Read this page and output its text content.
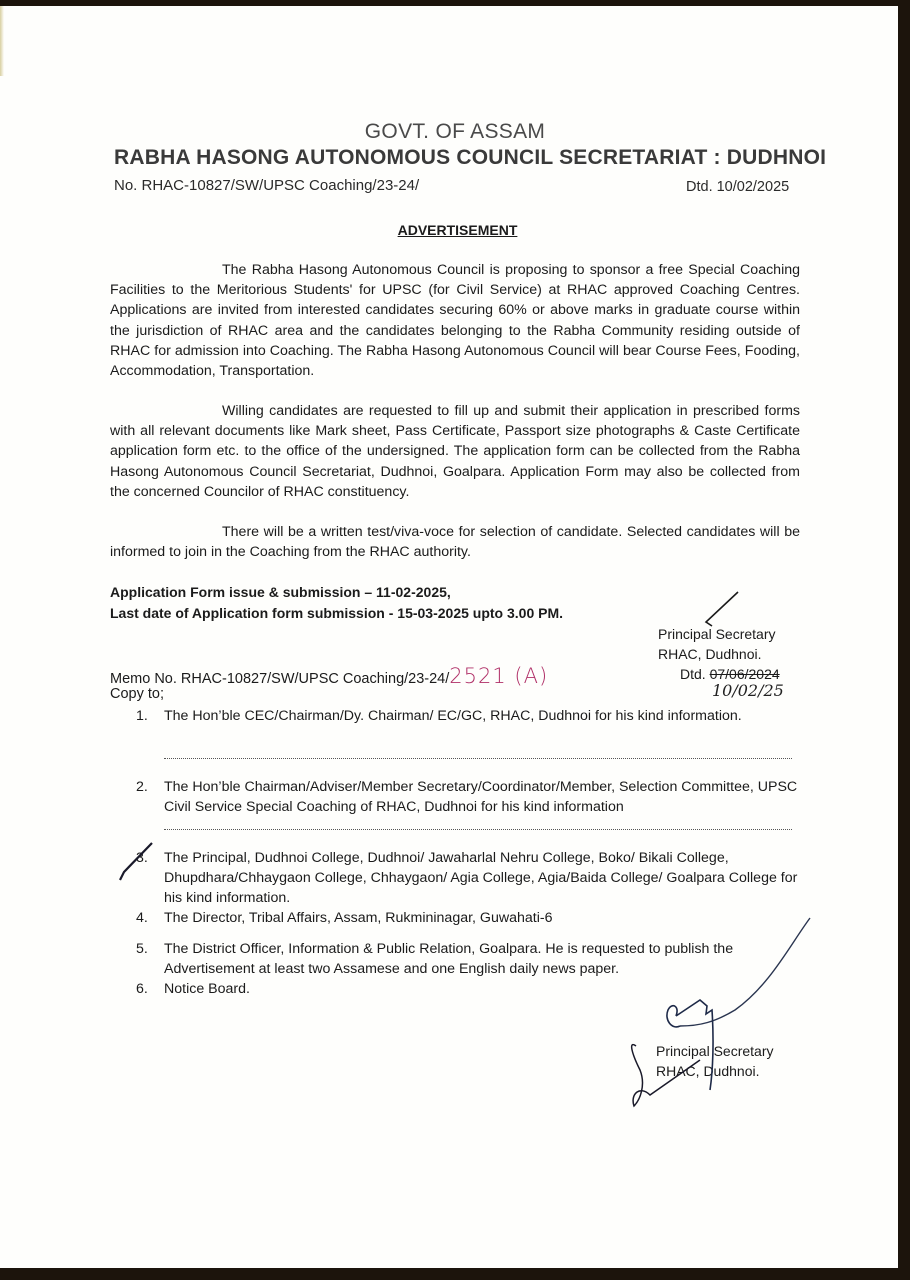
GOVT. OF ASSAM
RABHA HASONG AUTONOMOUS COUNCIL SECRETARIAT : DUDHNOI
No. RHAC-10827/SW/UPSC Coaching/23-24/	Dtd. 10/02/2025
ADVERTISEMENT
The Rabha Hasong Autonomous Council is proposing to sponsor a free Special Coaching Facilities to the Meritorious Students' for UPSC (for Civil Service) at RHAC approved Coaching Centres. Applications are invited from interested candidates securing 60% or above marks in graduate course within the jurisdiction of RHAC area and the candidates belonging to the Rabha Community residing outside of RHAC for admission into Coaching. The Rabha Hasong Autonomous Council will bear Course Fees, Fooding, Accommodation, Transportation.
Willing candidates are requested to fill up and submit their application in prescribed forms with all relevant documents like Mark sheet, Pass Certificate, Passport size photographs & Caste Certificate application form etc. to the office of the undersigned. The application form can be collected from the Rabha Hasong Autonomous Council Secretariat, Dudhnoi, Goalpara. Application Form may also be collected from the concerned Councilor of RHAC constituency.
There will be a written test/viva-voce for selection of candidate. Selected candidates will be informed to join in the Coaching from the RHAC authority.
Application Form issue & submission – 11-02-2025,
Last date of Application form submission - 15-03-2025 upto 3.00 PM.
Principal Secretary
RHAC, Dudhnoi.
Memo No. RHAC-10827/SW/UPSC Coaching/23-24/2521 (A)	Dtd. 07/06/2024
10/02/25
Copy to;
1.	The Hon’ble CEC/Chairman/Dy. Chairman/ EC/GC, RHAC, Dudhnoi for his kind information.
2.	The Hon’ble Chairman/Adviser/Member Secretary/Coordinator/Member, Selection Committee, UPSC Civil Service Special Coaching of RHAC, Dudhnoi for his kind information
3.	The Principal, Dudhnoi College, Dudhnoi/ Jawaharlal Nehru College, Boko/ Bikali College, Dhupdhara/Chhaygaon College, Chhaygaon/ Agia College, Agia/Baida College/ Goalpara College for his kind information.
4.	The Director, Tribal Affairs, Assam, Rukmininagar, Guwahati-6
5.	The District Officer, Information & Public Relation, Goalpara. He is requested to publish the Advertisement at least two Assamese and one English daily news paper.
6.	Notice Board.
Principal Secretary
RHAC, Dudhnoi.
